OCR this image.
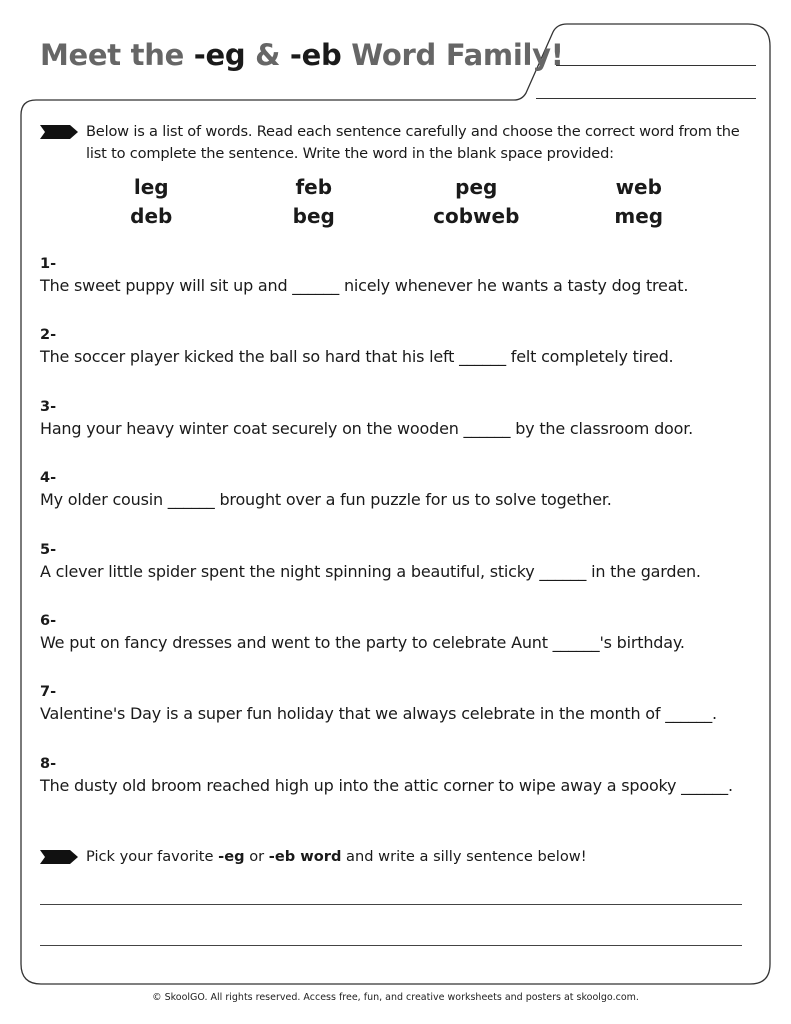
Meet the -eg & -eb Word Family!
Below is a list of words. Read each sentence carefully and choose the correct word from the list to complete the sentence. Write the word in the blank space provided:
leg	feb	peg	web
deb	beg	cobweb	meg
1-
The sweet puppy will sit up and ______ nicely whenever he wants a tasty dog treat.
2-
The soccer player kicked the ball so hard that his left ______ felt completely tired.
3-
Hang your heavy winter coat securely on the wooden ______ by the classroom door.
4-
My older cousin ______ brought over a fun puzzle for us to solve together.
5-
A clever little spider spent the night spinning a beautiful, sticky ______ in the garden.
6-
We put on fancy dresses and went to the party to celebrate Aunt ______'s birthday.
7-
Valentine's Day is a super fun holiday that we always celebrate in the month of ______.
8-
The dusty old broom reached high up into the attic corner to wipe away a spooky ______.
Pick your favorite -eg or -eb word and write a silly sentence below!
© SkoolGO. All rights reserved. Access free, fun, and creative worksheets and posters at skoolgo.com.
